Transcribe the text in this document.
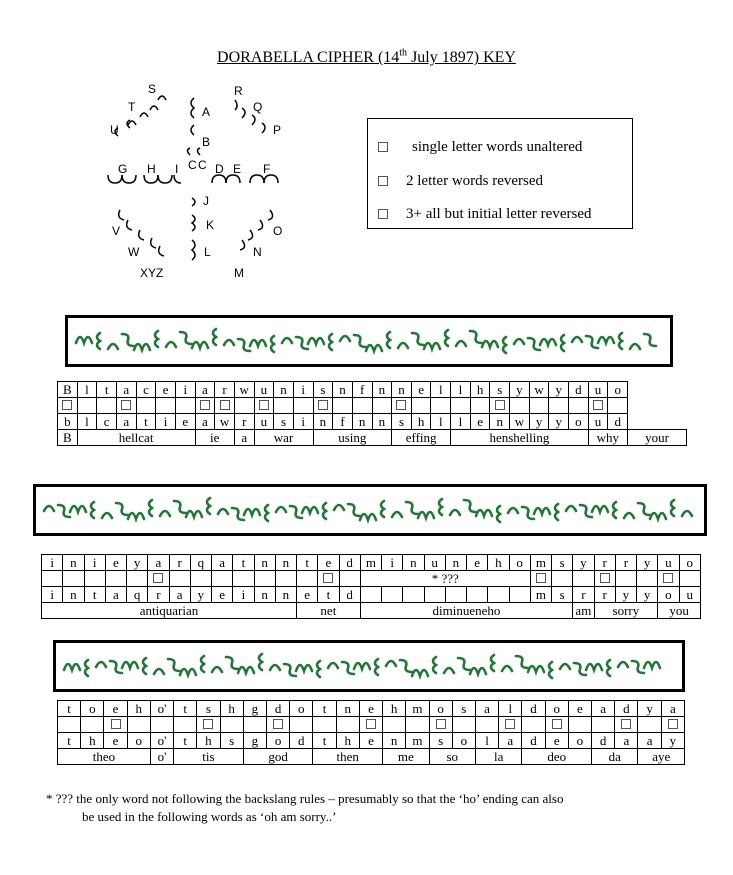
DORABELLA CIPHER (14th July 1897) KEY
S	R
T	Q
U	P
A
B
G H I C C D E F
J
K
V	O
W	L	N
XYZ	M
single letter words unaltered
2 letter words reversed
3+ all but initial letter reversed
B	l	t	a	c	e	i	a	r	w	u	n	i	s	n	f	n	n	e	l	l	h	s	y	w	y	d	u	o	

b	l	c	a	t	i	e	a	w	r	u	s	i	n	f	n	n	s	h	l	l	e	n	w	y	y	o	u	d	
B	hellcat						ie		a	war			using				effing			henshelling							why		your
i	n	i	e	y	a	r	q	a	t	n	n	t	e	d	m	i	n	u	n	e	h	o	m	s	y	r	r	y	u	o
															* ???															
i	n	t	a	q	r	a	y	e	i	n	n	e	t	d									m	s	r	r	y	y	o	u
antiquarian												net			diminueneho										am	sorry			you	
t	o	e	h	o'	t	s	h	g	d	o	t	n	e	h	m	o	s	a	l	d	o	e	a	d	y	a

t	h	e	o	o'	t	h	s	g	o	d	t	h	e	n	m	s	o	l	a	d	e	o	d	a	a	y
theo				o'	tis			god			then			me		so		la		deo			da		aye	
* ??? the only word not following the backslang rules – presumably so that the ‘ho’ ending can also
be used in the following words as ‘oh am sorry..’
